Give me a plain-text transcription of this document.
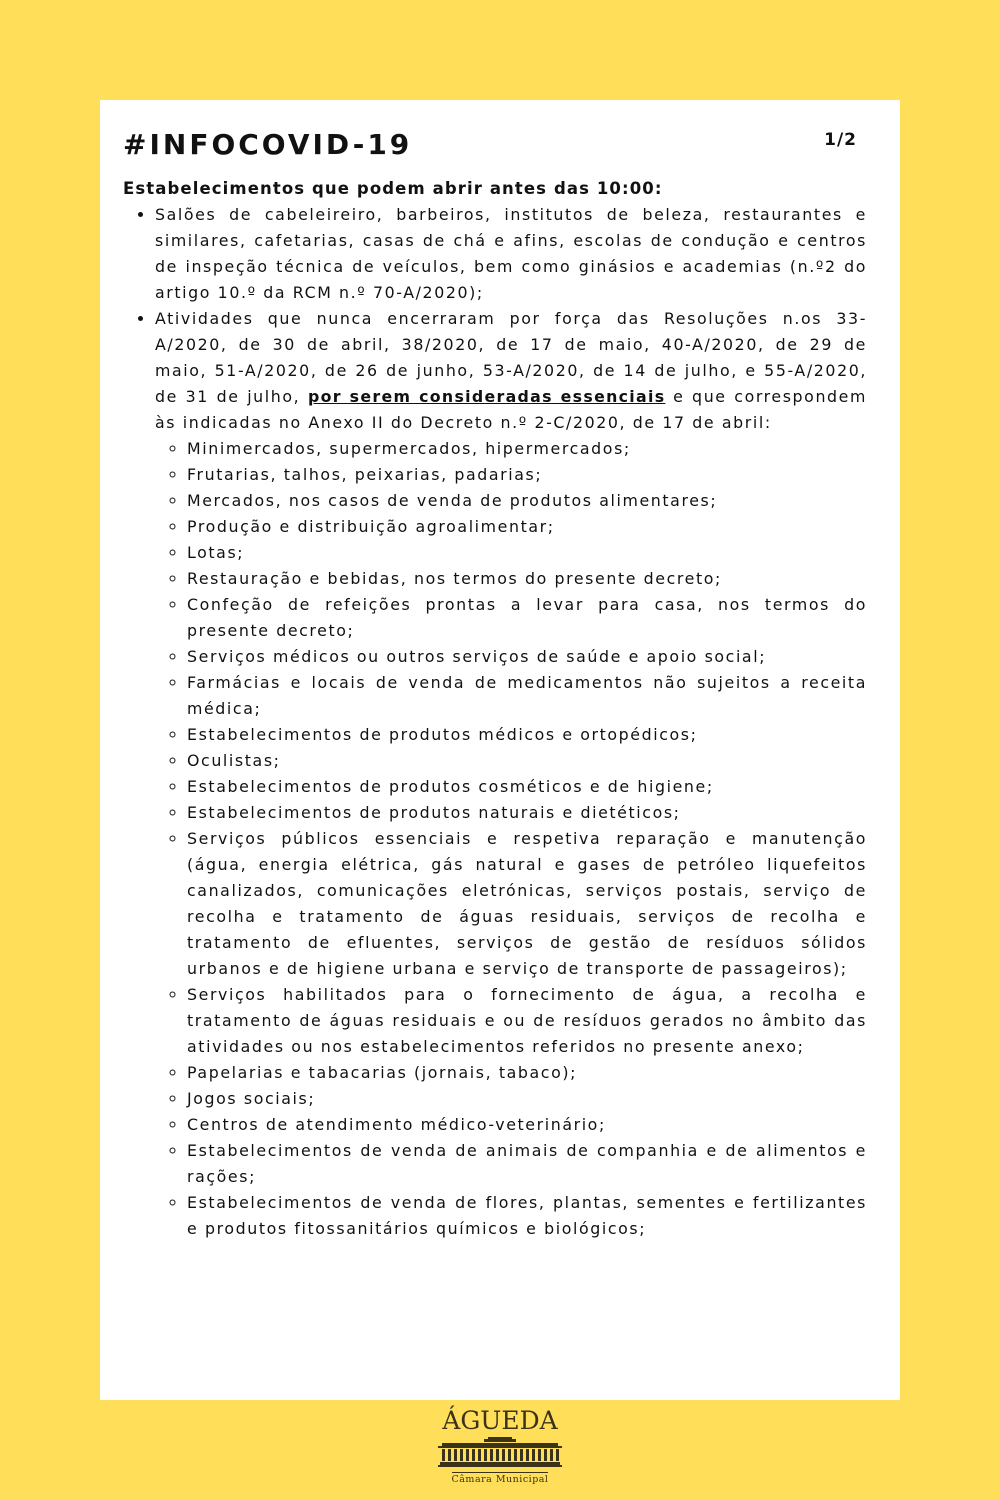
#INFOCOVID-19	1/2

Estabelecimentos que podem abrir antes das 10:00:

• Salões de cabeleireiro, barbeiros, institutos de beleza, restaurantes e similares, cafetarias, casas de chá e afins, escolas de condução e centros de inspeção técnica de veículos, bem como ginásios e academias (n.º2 do artigo 10.º da RCM n.º 70-A/2020);
• Atividades que nunca encerraram por força das Resoluções n.os 33-A/2020, de 30 de abril, 38/2020, de 17 de maio, 40-A/2020, de 29 de maio, 51-A/2020, de 26 de junho, 53-A/2020, de 14 de julho, e 55-A/2020, de 31 de julho, por serem consideradas essenciais e que correspondem às indicadas no Anexo II do Decreto n.º 2-C/2020, de 17 de abril:
◦ Minimercados, supermercados, hipermercados;
◦ Frutarias, talhos, peixarias, padarias;
◦ Mercados, nos casos de venda de produtos alimentares;
◦ Produção e distribuição agroalimentar;
◦ Lotas;
◦ Restauração e bebidas, nos termos do presente decreto;
◦ Confeção de refeições prontas a levar para casa, nos termos do presente decreto;
◦ Serviços médicos ou outros serviços de saúde e apoio social;
◦ Farmácias e locais de venda de medicamentos não sujeitos a receita médica;
◦ Estabelecimentos de produtos médicos e ortopédicos;
◦ Oculistas;
◦ Estabelecimentos de produtos cosméticos e de higiene;
◦ Estabelecimentos de produtos naturais e dietéticos;
◦ Serviços públicos essenciais e respetiva reparação e manutenção (água, energia elétrica, gás natural e gases de petróleo liquefeitos canalizados, comunicações eletrónicas, serviços postais, serviço de recolha e tratamento de águas residuais, serviços de recolha e tratamento de efluentes, serviços de gestão de resíduos sólidos urbanos e de higiene urbana e serviço de transporte de passageiros);
◦ Serviços habilitados para o fornecimento de água, a recolha e tratamento de águas residuais e ou de resíduos gerados no âmbito das atividades ou nos estabelecimentos referidos no presente anexo;
◦ Papelarias e tabacarias (jornais, tabaco);
◦ Jogos sociais;
◦ Centros de atendimento médico-veterinário;
◦ Estabelecimentos de venda de animais de companhia e de alimentos e rações;
◦ Estabelecimentos de venda de flores, plantas, sementes e fertilizantes e produtos fitossanitários químicos e biológicos;
ÁGUEDA
Câmara Municipal
